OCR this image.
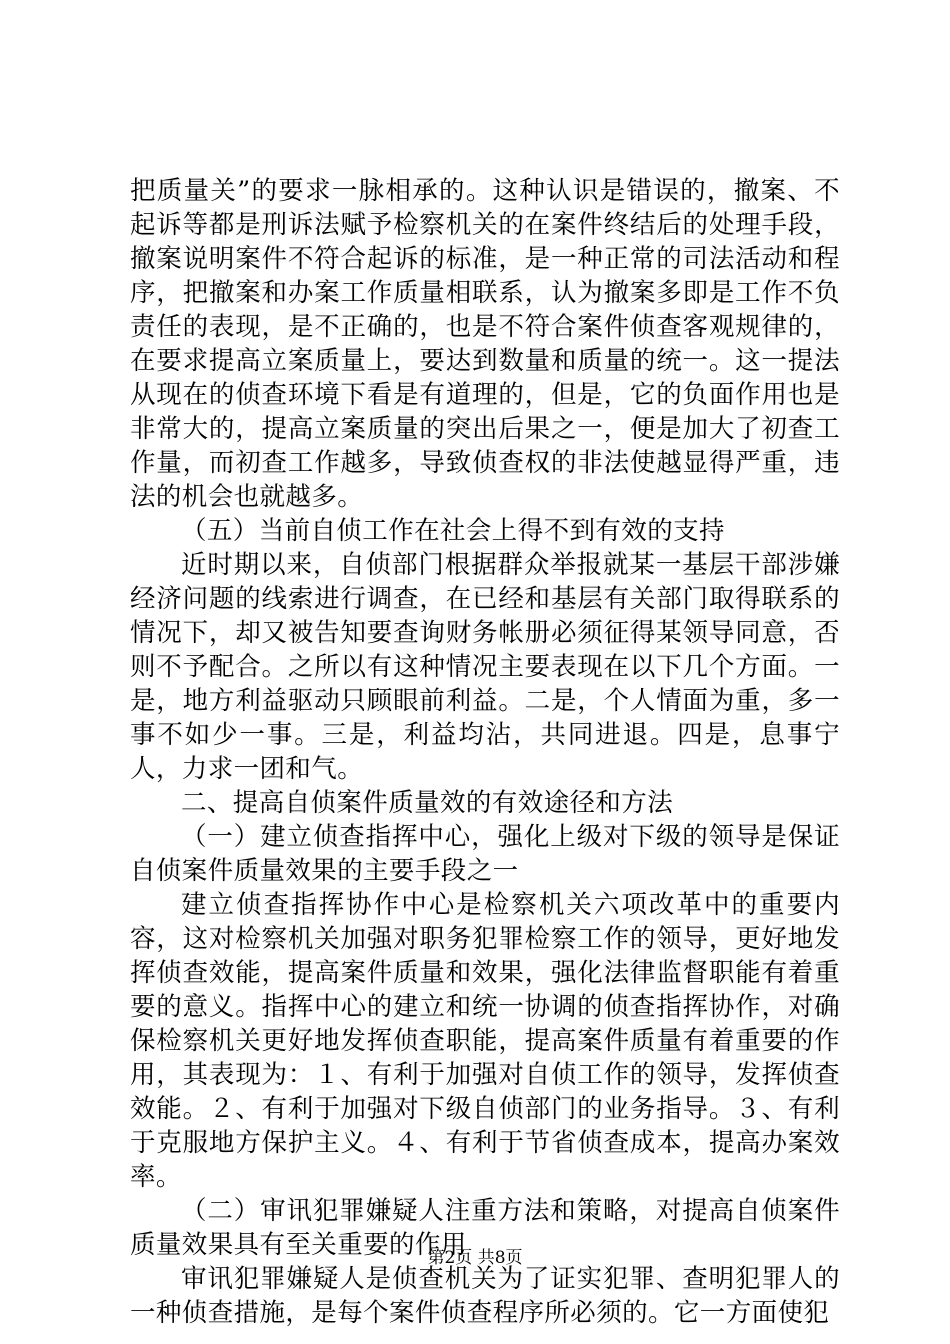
把质量关”的要求一脉相承的。这种认识是错误的，撤案、不起诉等都是刑诉法赋予检察机关的在案件终结后的处理手段，撤案说明案件不符合起诉的标准，是一种正常的司法活动和程序，把撤案和办案工作质量相联系，认为撤案多即是工作不负责任的表现，是不正确的，也是不符合案件侦查客观规律的，在要求提高立案质量上，要达到数量和质量的统一。这一提法从现在的侦查环境下看是有道理的，但是，它的负面作用也是非常大的，提高立案质量的突出后果之一，便是加大了初查工作量，而初查工作越多，导致侦查权的非法使越显得严重，违法的机会也就越多。

（五）当前自侦工作在社会上得不到有效的支持

近时期以来，自侦部门根据群众举报就某一基层干部涉嫌经济问题的线索进行调查，在已经和基层有关部门取得联系的情况下，却又被告知要查询财务帐册必须征得某领导同意，否则不予配合。之所以有这种情况主要表现在以下几个方面。一是，地方利益驱动只顾眼前利益。二是，个人情面为重，多一事不如少一事。三是，利益均沾，共同进退。四是，息事宁人，力求一团和气。

二、提高自侦案件质量效的有效途径和方法

（一）建立侦查指挥中心，强化上级对下级的领导是保证自侦案件质量效果的主要手段之一

建立侦查指挥协作中心是检察机关六项改革中的重要内容，这对检察机关加强对职务犯罪检察工作的领导，更好地发挥侦查效能，提高案件质量和效果，强化法律监督职能有着重要的意义。指挥中心的建立和统一协调的侦查指挥协作，对确保检察机关更好地发挥侦查职能，提高案件质量有着重要的作用，其表现为：１、有利于加强对自侦工作的领导，发挥侦查效能。２、有利于加强对下级自侦部门的业务指导。３、有利于克服地方保护主义。４、有利于节省侦查成本，提高办案效率。

（二）审讯犯罪嫌疑人注重方法和策略，对提高自侦案件质量效果具有至关重要的作用

审讯犯罪嫌疑人是侦查机关为了证实犯罪、查明犯罪人的一种侦查措施，是每个案件侦查程序所必须的。它一方面使犯

第2页 共8页
